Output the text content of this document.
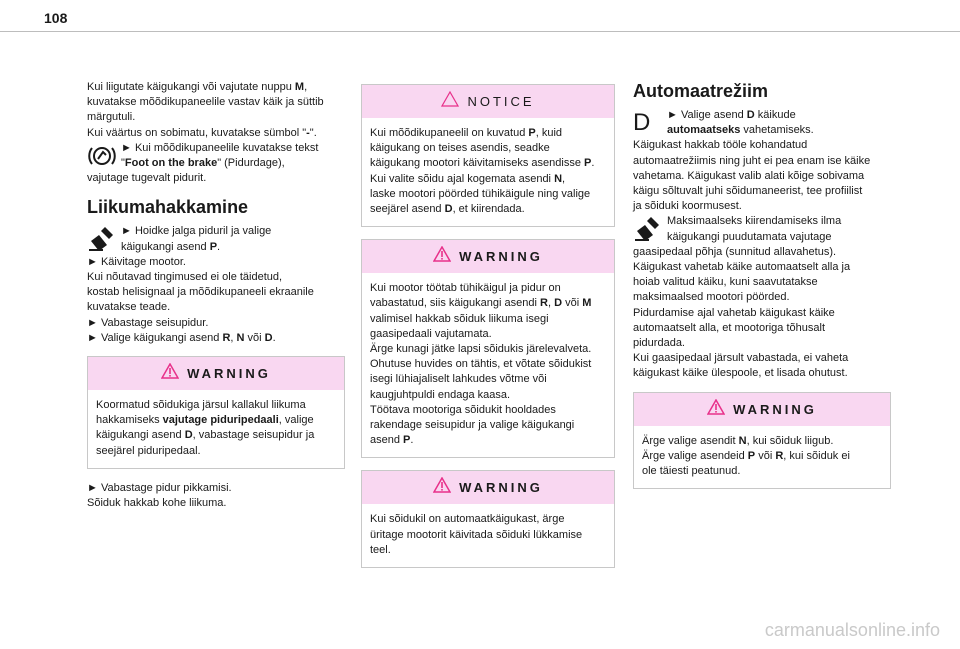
108
Kui liigutate käigukangi või vajutate nuppu M,
kuvatakse mõõdikupaneelile vastav käik ja süttib
märgutuli.
Kui väärtus on sobimatu, kuvatakse sümbol "-".
► Kui mõõdikupaneelile kuvatakse tekst
"Foot on the brake" (Pidurdage),

vajutage tugevalt pidurit.

Liikumahakkamine
► Hoidke jalga piduril ja valige
käigukangi asend P.
► Käivitage mootor.
Kui nõutavad tingimused ei ole täidetud,
kostab helisignaal ja mõõdikupaneeli ekraanile
kuvatakse teade.
► Vabastage seisupidur.
► Valige käigukangi asend R, N või D.
WARNING
Koormatud sõidukiga järsul kallakul liikuma
hakkamiseks vajutage piduripedaali, valige
käigukangi asend D, vabastage seisupidur ja
seejärel piduripedaal.
► Vabastage pidur pikkamisi.
Sõiduk hakkab kohe liikuma.
NOTICE
Kui mõõdikupaneelil on kuvatud P, kuid
käigukang on teises asendis, seadke
käigukang mootori käivitamiseks asendisse P.
Kui valite sõidu ajal kogemata asendi N,
laske mootori pöörded tühikäigule ning valige
seejärel asend D, et kiirendada.
WARNING
Kui mootor töötab tühikäigul ja pidur on
vabastatud, siis käigukangi asendi R, D või M
valimisel hakkab sõiduk liikuma isegi
gaasipedaali vajutamata.
Ärge kunagi jätke lapsi sõidukis järelevalveta.
Ohutuse huvides on tähtis, et võtate sõidukist
isegi lühiajaliselt lahkudes võtme või
kaugjuhtpuldi endaga kaasa.
Töötava mootoriga sõidukit hooldades
rakendage seisupidur ja valige käigukangi
asend P.
WARNING
Kui sõidukil on automaatkäigukast, ärge
üritage mootorit käivitada sõiduki lükkamise
teel.
Automaatrežiim
D	► Valige asend D käikude
automaatseks vahetamiseks.
Käigukast hakkab tööle kohandatud
automaatrežiimis ning juht ei pea enam ise käike
vahetama. Käigukast valib alati kõige sobivama
käigu sõltuvalt juhi sõidumaneerist, tee profiilist
ja sõiduki koormusest.
Maksimaalseks kiirendamiseks ilma
käigukangi puudutamata vajutage
gaasipedaal põhja (sunnitud allavahetus).
Käigukast vahetab käike automaatselt alla ja
hoiab valitud käiku, kuni saavutatakse
maksimaalsed mootori pöörded.
Pidurdamise ajal vahetab käigukast käike
automaatselt alla, et mootoriga tõhusalt
pidurdada.
Kui gaasipedaal järsult vabastada, ei vaheta
käigukast käike ülespoole, et lisada ohutust.
WARNING
Ärge valige asendit N, kui sõiduk liigub.
Ärge valige asendeid P või R, kui sõiduk ei
ole täiesti peatunud.
carmanualsonline.info
